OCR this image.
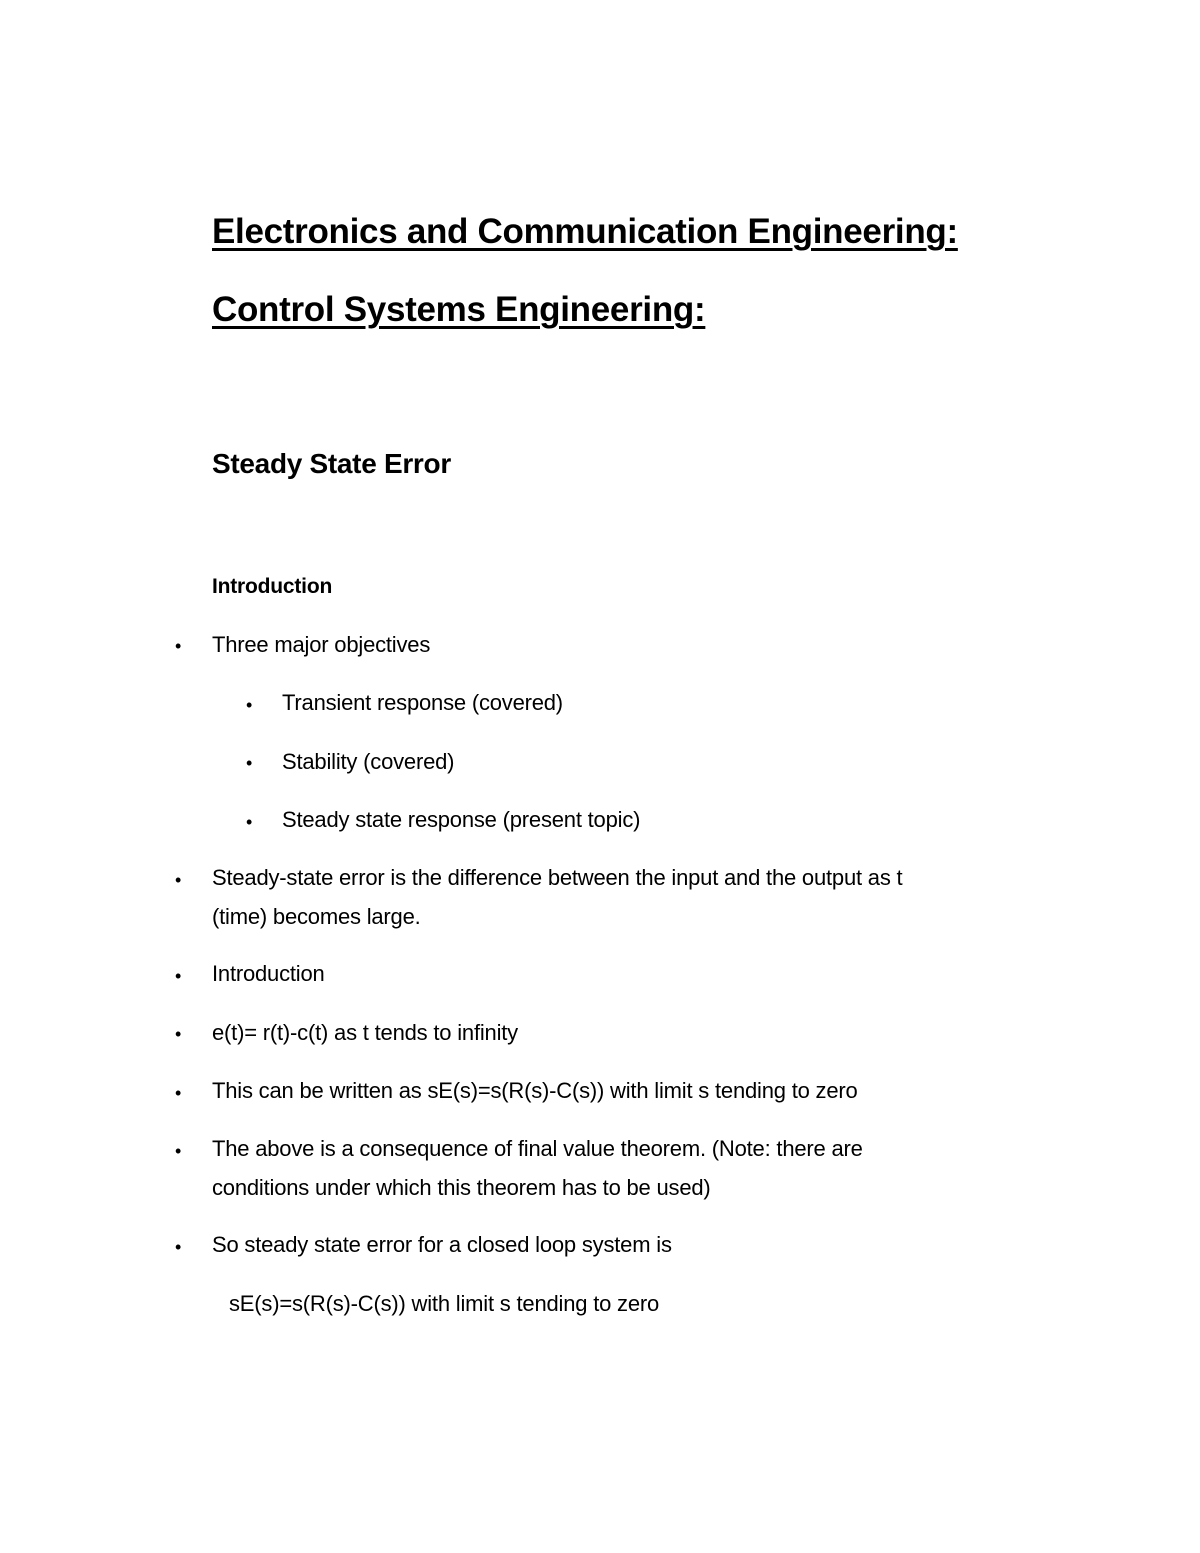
Electronics and Communication Engineering:
Control Systems Engineering:
Steady State Error
Introduction
• Three major objectives
• Transient response (covered)
• Stability (covered)
• Steady state response (present topic)
• Steady-state error is the difference between the input and the output as t
(time) becomes large.
• Introduction
• e(t)= r(t)-c(t) as t tends to infinity
• This can be written as sE(s)=s(R(s)-C(s)) with limit s tending to zero
• The above is a consequence of final value theorem. (Note: there are
conditions under which this theorem has to be used)
• So steady state error for a closed loop system is
sE(s)=s(R(s)-C(s)) with limit s tending to zero
